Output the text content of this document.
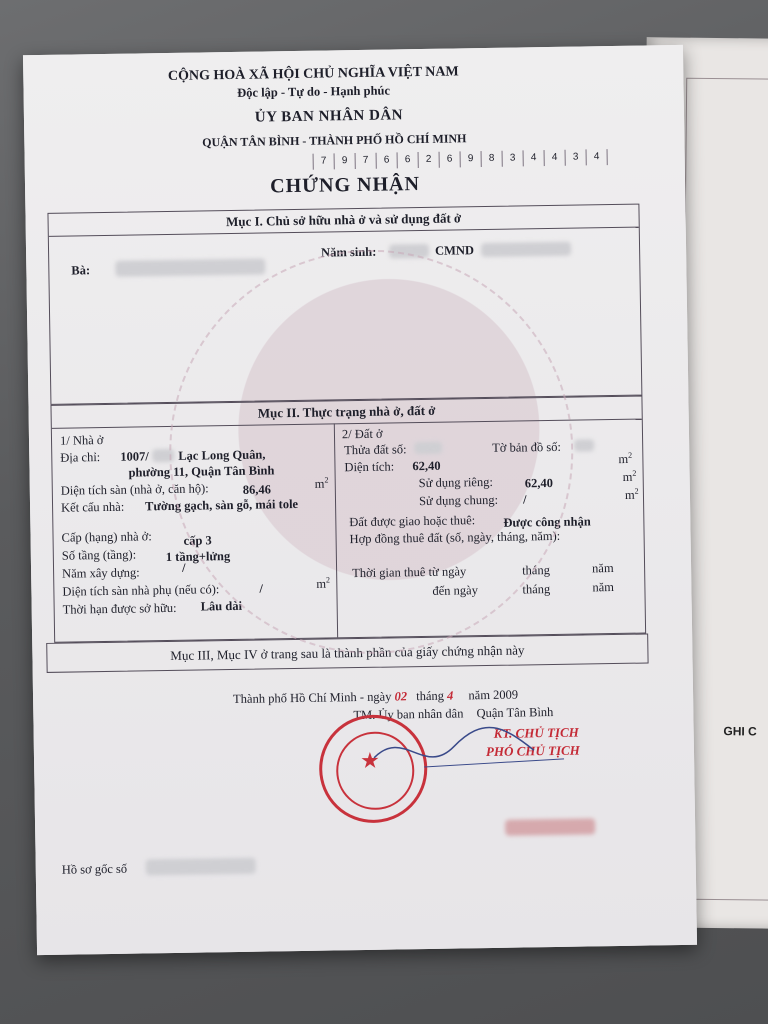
GHI C
CỘNG HOÀ XÃ HỘI CHỦ NGHĨA VIỆT NAM
Độc lập - Tự do - Hạnh phúc
ỦY BAN NHÂN DÂN
QUẬN TÂN BÌNH - THÀNH PHỐ HỒ CHÍ MINH
7	9	7	6	6	2	6	9	8	3	4	4	3	4
CHỨNG NHẬN
Mục I. Chủ sở hữu nhà ở và sử dụng đất ở
Bà:
Năm sinh:	CMND
Mục II. Thực trạng nhà ở, đất ở
1/ Nhà ở
Địa chỉ: 1007/ Lạc Long Quân,
phường 11, Quận Tân Bình
Diện tích sàn (nhà ở, căn hộ):	86,46	$m^2$
Kết cấu nhà: Tường gạch, sàn gỗ, mái tole
Cấp (hạng) nhà ở:	cấp 3
Số tầng (tầng): 1 tầng+lửng
Năm xây dựng:	/
Diện tích sàn nhà phụ (nếu có):	/	$m^2$
Thời hạn được sở hữu: Lâu dài
2/ Đất ở
Thửa đất số:	Tờ bản đồ số:
Diện tích: 62,40	$m^2$
Sử dụng riêng:	62,40	$m^2$
Sử dụng chung: /	$m^2$
Đất được giao hoặc thuê: Được công nhận
Hợp đồng thuê đất (số, ngày, tháng, năm):
Thời gian thuê từ ngày	tháng	năm
đến ngày	tháng	năm
Mục III, Mục IV ở trang sau là thành phần của giấy chứng nhận này
Thành phố Hồ Chí Minh - ngày 02 tháng 4 năm 2009
TM. Ủy ban nhân dân Quận Tân Bình
KT. CHỦ TỊCH
PHÓ CHỦ TỊCH
★
Hồ sơ gốc số
